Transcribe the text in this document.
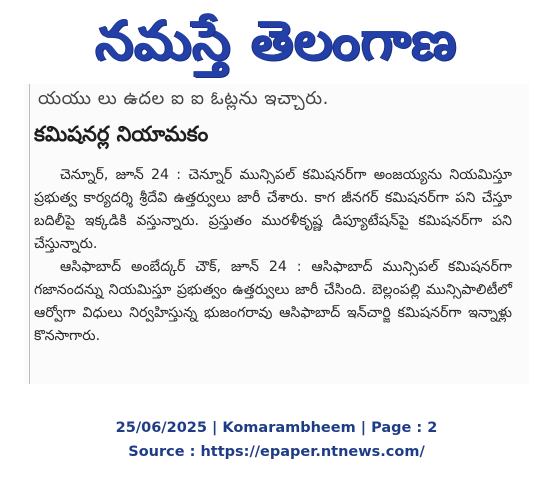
నమస్తే తెలంగాణ
యయు లు ఉదల ఐ ఐ ఓట్లను ఇచ్చారు.
కమిషనర్ల నియామకం

చెన్నూర్, జూన్ 24 : చెన్నూర్ మున్సిపల్ కమిషనర్‌గా అంజయ్యను నియమిస్తూ ప్రభుత్వ కార్యదర్శి శ్రీదేవి ఉత్తర్వులు జారీ చేశారు. కాగ జీనగర్ కమిషనర్‌గా పని చేస్తూ బదిలీపై ఇక్కడికి వస్తున్నారు. ప్రస్తుతం మురళీకృష్ణ డిప్యూటేషన్‌పై కమిషనర్‌గా పని చేస్తున్నారు.

ఆసిఫాబాద్ అంబేద్కర్ చౌక్, జూన్ 24 : ఆసిఫాబాద్ మున్సిపల్ కమిషనర్‌గా గజానందన్ను నియమిస్తూ ప్రభుత్వం ఉత్తర్వులు జారీ చేసింది. బెల్లంపల్లి మున్సిపాలిటీలో ఆర్వోగా విధులు నిర్వహిస్తున్న భుజంగరావు ఆసిఫాబాద్ ఇన్‌చార్జి కమిషనర్‌గా ఇన్నాళ్లు కొనసాగారు.

25/06/2025 | Komarambheem | Page : 2
Source : https://epaper.ntnews.com/
